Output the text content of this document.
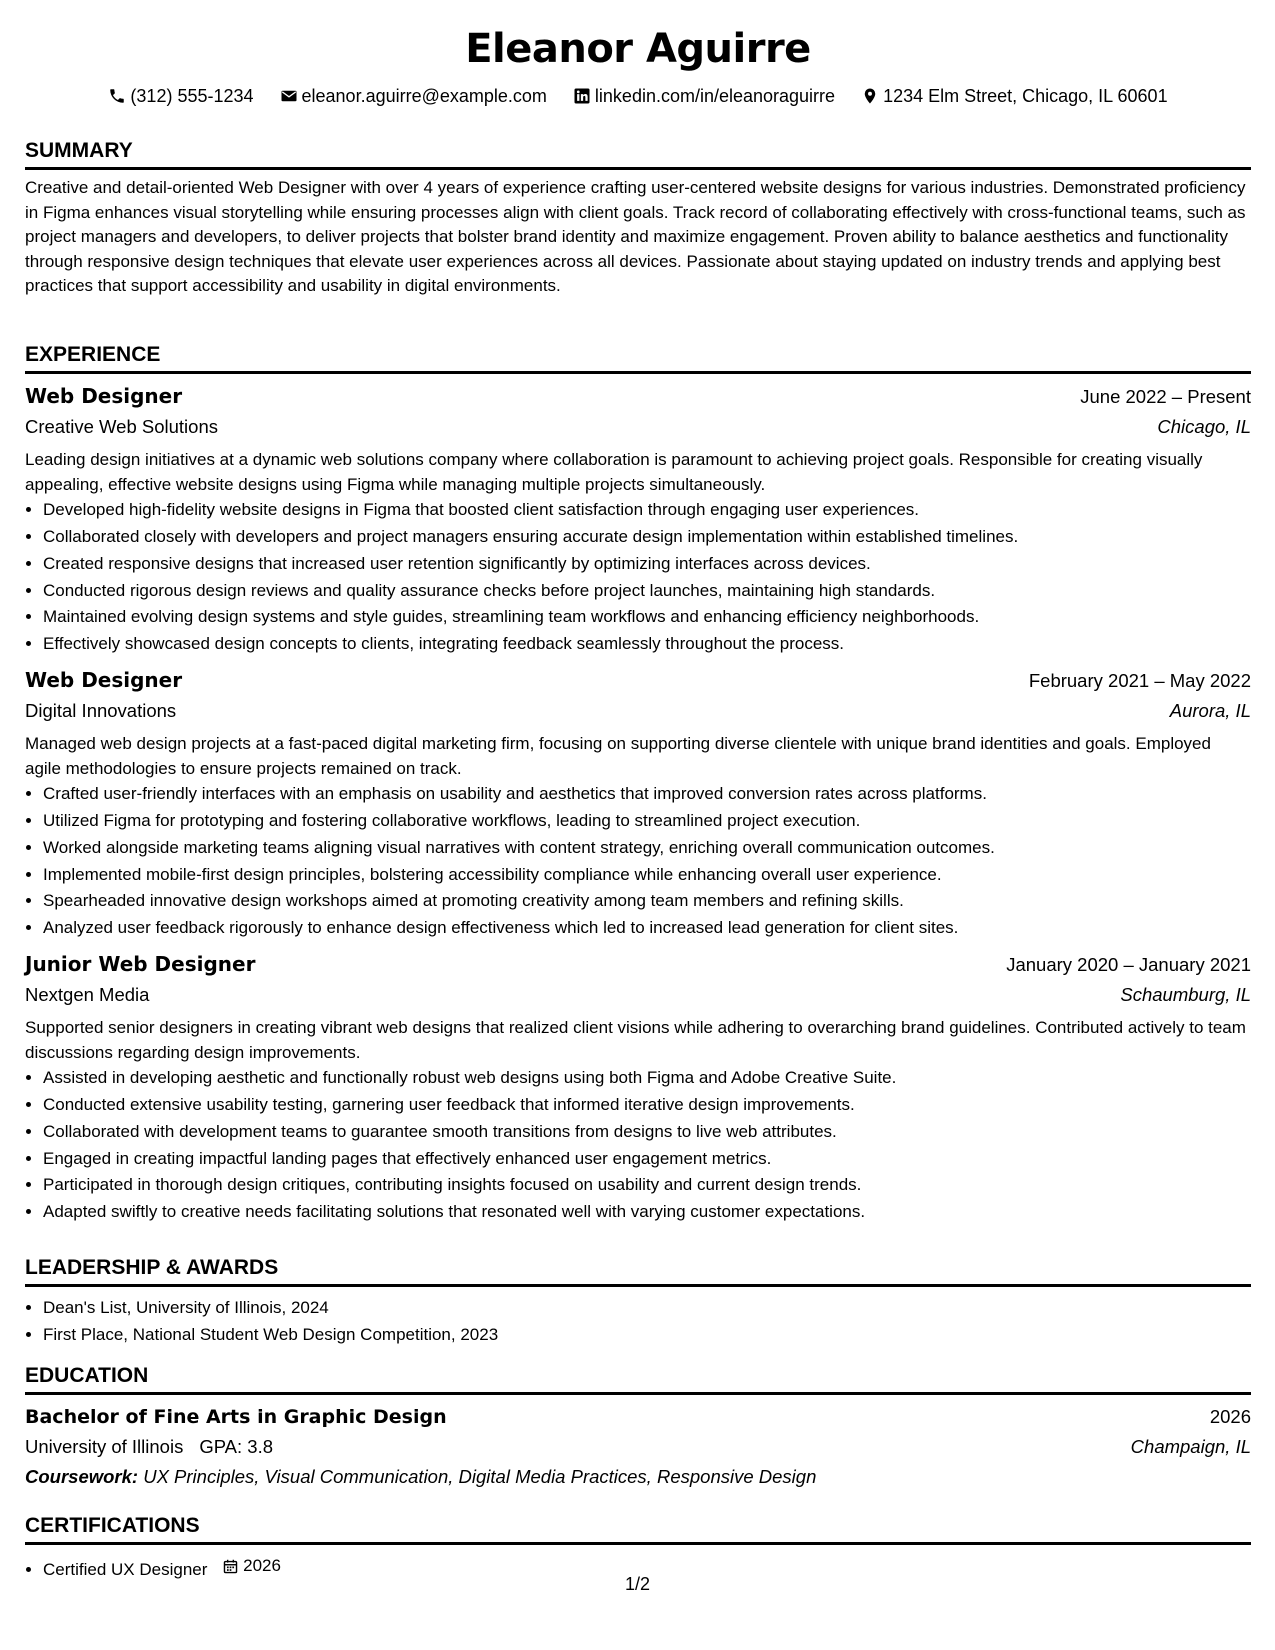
Eleanor Aguirre
(312) 555-1234	eleanor.aguirre@example.com	linkedin.com/in/eleanoraguirre	1234 Elm Street, Chicago, IL 60601
SUMMARY
Creative and detail-oriented Web Designer with over 4 years of experience crafting user-centered website designs for various industries. Demonstrated proficiency in Figma enhances visual storytelling while ensuring processes align with client goals. Track record of collaborating effectively with cross-functional teams, such as project managers and developers, to deliver projects that bolster brand identity and maximize engagement. Proven ability to balance aesthetics and functionality through responsive design techniques that elevate user experiences across all devices. Passionate about staying updated on industry trends and applying best practices that support accessibility and usability in digital environments.
EXPERIENCE
Web Designer	June 2022 – Present
Creative Web Solutions	Chicago, IL
Leading design initiatives at a dynamic web solutions company where collaboration is paramount to achieving project goals. Responsible for creating visually appealing, effective website designs using Figma while managing multiple projects simultaneously.
• Developed high-fidelity website designs in Figma that boosted client satisfaction through engaging user experiences.
• Collaborated closely with developers and project managers ensuring accurate design implementation within established timelines.
• Created responsive designs that increased user retention significantly by optimizing interfaces across devices.
• Conducted rigorous design reviews and quality assurance checks before project launches, maintaining high standards.
• Maintained evolving design systems and style guides, streamlining team workflows and enhancing efficiency neighborhoods.
• Effectively showcased design concepts to clients, integrating feedback seamlessly throughout the process.
Web Designer	February 2021 – May 2022
Digital Innovations	Aurora, IL
Managed web design projects at a fast-paced digital marketing firm, focusing on supporting diverse clientele with unique brand identities and goals. Employed agile methodologies to ensure projects remained on track.
• Crafted user-friendly interfaces with an emphasis on usability and aesthetics that improved conversion rates across platforms.
• Utilized Figma for prototyping and fostering collaborative workflows, leading to streamlined project execution.
• Worked alongside marketing teams aligning visual narratives with content strategy, enriching overall communication outcomes.
• Implemented mobile-first design principles, bolstering accessibility compliance while enhancing overall user experience.
• Spearheaded innovative design workshops aimed at promoting creativity among team members and refining skills.
• Analyzed user feedback rigorously to enhance design effectiveness which led to increased lead generation for client sites.
Junior Web Designer	January 2020 – January 2021
Nextgen Media	Schaumburg, IL
Supported senior designers in creating vibrant web designs that realized client visions while adhering to overarching brand guidelines. Contributed actively to team discussions regarding design improvements.
• Assisted in developing aesthetic and functionally robust web designs using both Figma and Adobe Creative Suite.
• Conducted extensive usability testing, garnering user feedback that informed iterative design improvements.
• Collaborated with development teams to guarantee smooth transitions from designs to live web attributes.
• Engaged in creating impactful landing pages that effectively enhanced user engagement metrics.
• Participated in thorough design critiques, contributing insights focused on usability and current design trends.
• Adapted swiftly to creative needs facilitating solutions that resonated well with varying customer expectations.
LEADERSHIP & AWARDS
• Dean's List, University of Illinois, 2024
• First Place, National Student Web Design Competition, 2023
EDUCATION
Bachelor of Fine Arts in Graphic Design	2026
University of Illinois GPA: 3.8	Champaign, IL
Coursework: UX Principles, Visual Communication, Digital Media Practices, Responsive Design
CERTIFICATIONS
• Certified UX Designer 2026
1/2
